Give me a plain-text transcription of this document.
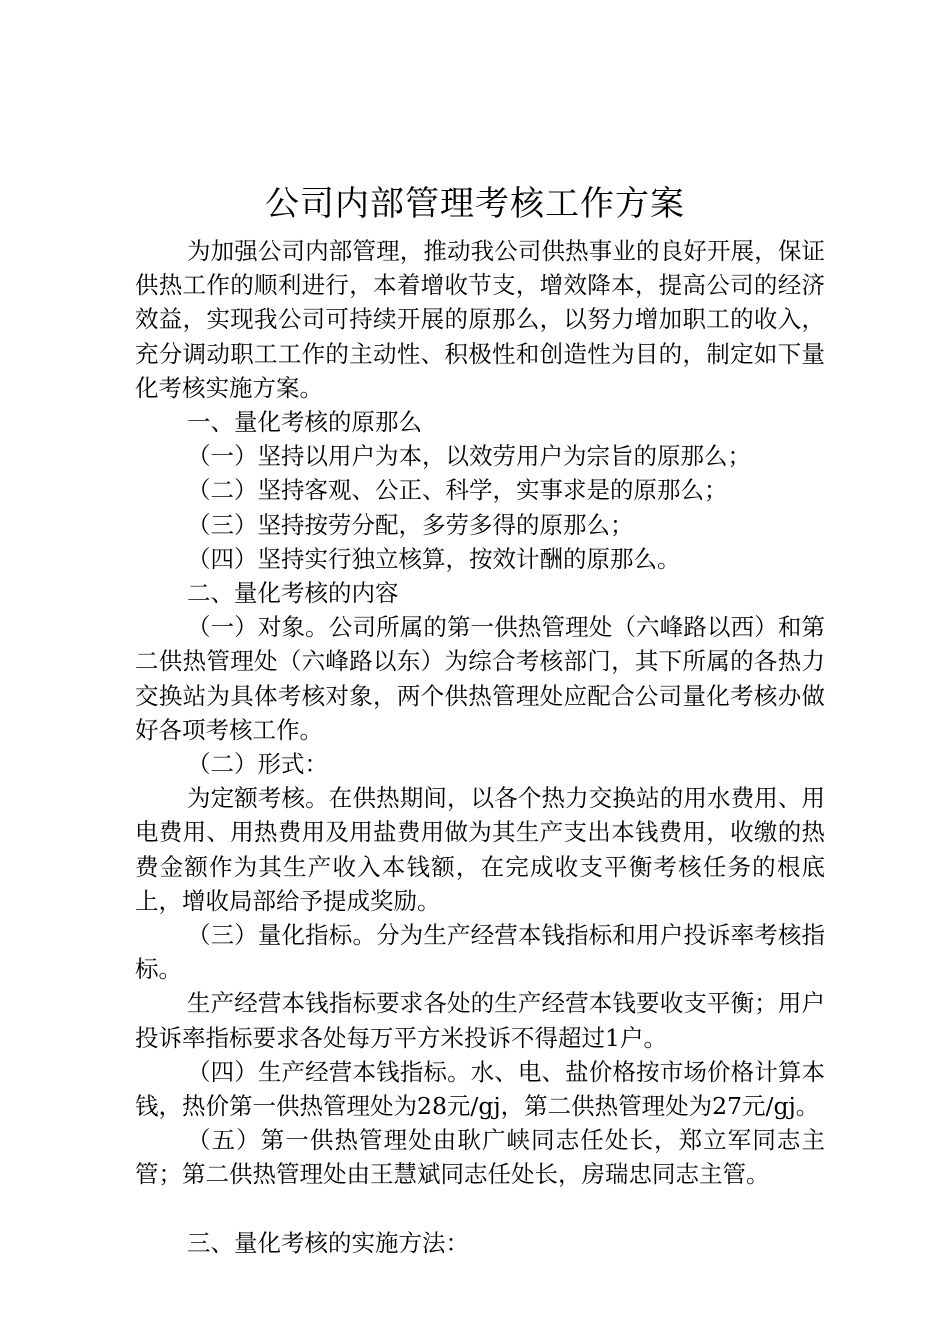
公司内部管理考核工作方案

为加强公司内部管理，推动我公司供热事业的良好开展，保证供热工作的顺利进行，本着增收节支，增效降本，提高公司的经济效益，实现我公司可持续开展的原那么，以努力增加职工的收入，充分调动职工工作的主动性、积极性和创造性为目的，制定如下量化考核实施方案。

一、量化考核的原那么

（一）坚持以用户为本，以效劳用户为宗旨的原那么；

（二）坚持客观、公正、科学，实事求是的原那么；

（三）坚持按劳分配，多劳多得的原那么；

（四）坚持实行独立核算，按效计酬的原那么。

二、量化考核的内容

（一）对象。公司所属的第一供热管理处（六峰路以西）和第二供热管理处（六峰路以东）为综合考核部门，其下所属的各热力交换站为具体考核对象，两个供热管理处应配合公司量化考核办做好各项考核工作。

（二）形式：

为定额考核。在供热期间，以各个热力交换站的用水费用、用电费用、用热费用及用盐费用做为其生产支出本钱费用，收缴的热费金额作为其生产收入本钱额，在完成收支平衡考核任务的根底上，增收局部给予提成奖励。

（三）量化指标。分为生产经营本钱指标和用户投诉率考核指标。

生产经营本钱指标要求各处的生产经营本钱要收支平衡；用户投诉率指标要求各处每万平方米投诉不得超过1户。

（四）生产经营本钱指标。水、电、盐价格按市场价格计算本钱，热价第一供热管理处为28元/gj，第二供热管理处为27元/gj。

（五）第一供热管理处由耿广峡同志任处长，郑立军同志主管；第二供热管理处由王慧斌同志任处长，房瑞忠同志主管。

三、量化考核的实施方法：
